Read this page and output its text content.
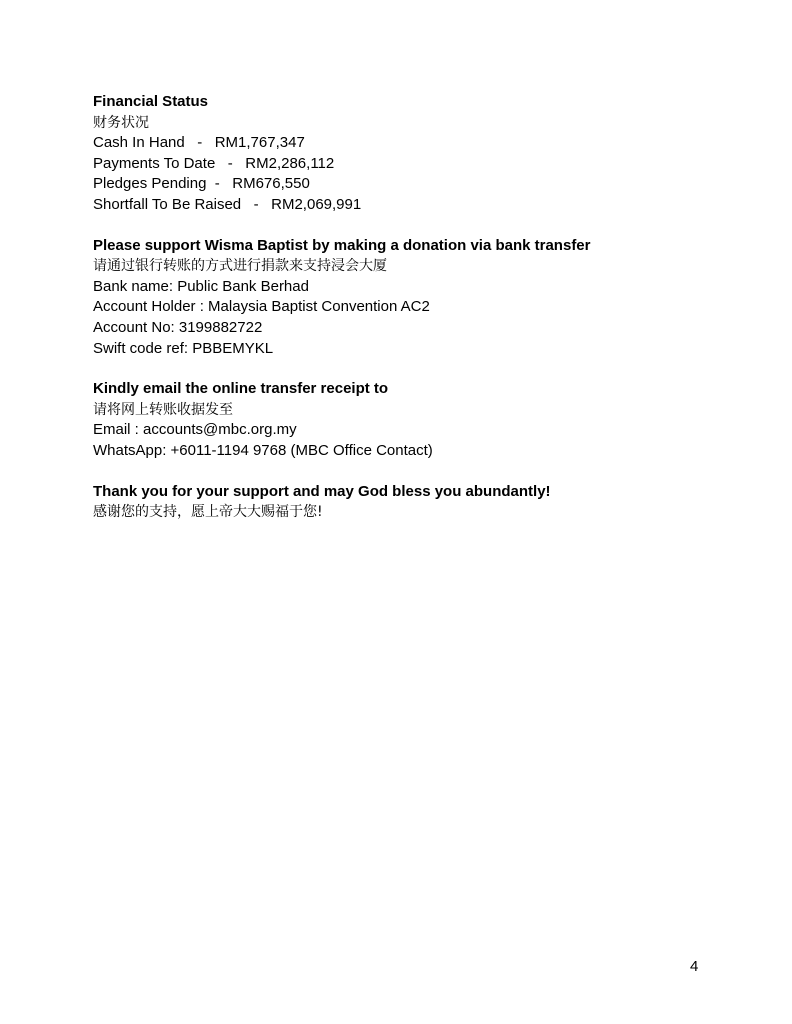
Financial Status
财务状况
Cash In Hand   -   RM1,767,347
Payments To Date   -   RM2,286,112
Pledges Pending  -   RM676,550
Shortfall To Be Raised   -   RM2,069,991
Please support Wisma Baptist by making a donation via bank transfer
请通过银行转账的方式进行捐款来支持浸会大厦
Bank name: Public Bank Berhad
Account Holder : Malaysia Baptist Convention AC2
Account No: 3199882722
Swift code ref: PBBEMYKL
Kindly email the online transfer receipt to
请将网上转账收据发至
Email : accounts@mbc.org.my
WhatsApp: +6011-1194 9768 (MBC Office Contact)
Thank you for your support and may God bless you abundantly!
感谢您的支持，愿上帝大大赐福于您!
4
